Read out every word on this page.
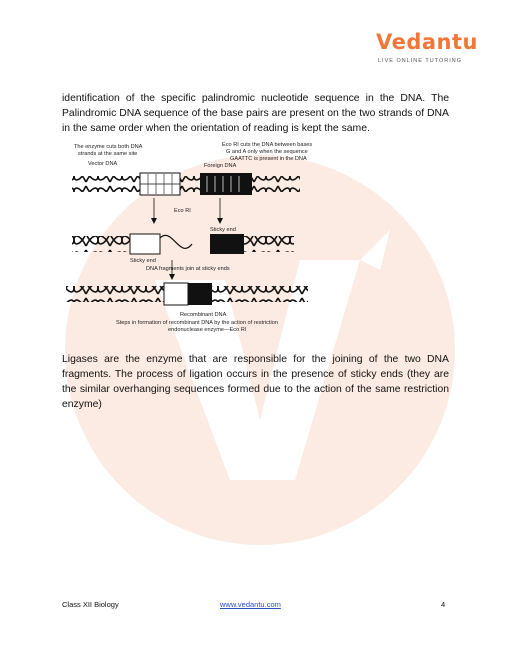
Vedantu
LIVE ONLINE TUTORING
identification of the specific palindromic nucleotide sequence in the DNA. The Palindromic DNA sequence of the base pairs are present on the two strands of DNA in the same order when the orientation of reading is kept the same.
The enzyme cuts both DNA
strands at the same site
Vector DNA
Eco RI cuts the DNA between bases
G and A only when the sequence
GAATTC is present in the DNA
Foreign DNA
Eco RI
Sticky end
Sticky end
DNA fragments join at sticky ends
Recombinant DNA
Steps in formation of recombinant DNA by the action of restriction
endonuclease enzyme—Eco RI
Ligases are the enzyme that are responsible for the joining of the two DNA fragments. The process of ligation occurs in the presence of sticky ends (they are the similar overhanging sequences formed due to the action of the same restriction enzyme)
Class XII Biology	www.vedantu.com	4
